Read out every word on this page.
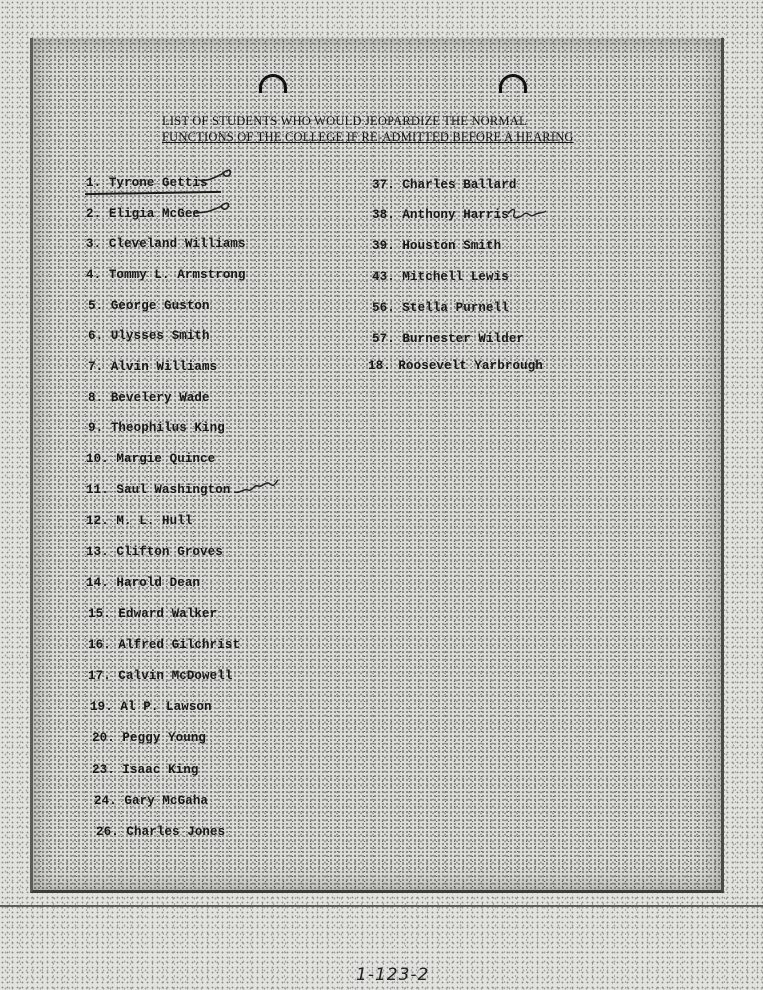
LIST OF STUDENTS WHO WOULD JEOPARDIZE THE NORMAL
FUNCTIONS OF THE COLLEGE IF RE-ADMITTED BEFORE A HEARING
1. Tyrone Gettis
2. Eligia McGee
3. Cleveland Williams
4. Tommy L. Armstrong
5. George Guston
6. Ulysses Smith
7. Alvin Williams
8. Bevelery Wade
9. Theophilus King
10. Margie Quince
11. Saul Washington
12. M. L. Hull
13. Clifton Groves
14. Harold Dean
15. Edward Walker
16. Alfred Gilchrist
17. Calvin McDowell
19. Al P. Lawson
20. Peggy Young
23. Isaac King
24. Gary McGaha
26. Charles Jones
37. Charles Ballard
38. Anthony Harris
39. Houston Smith
43. Mitchell Lewis
56. Stella Purnell
57. Burnester Wilder
18. Roosevelt Yarbrough
1-123-2
